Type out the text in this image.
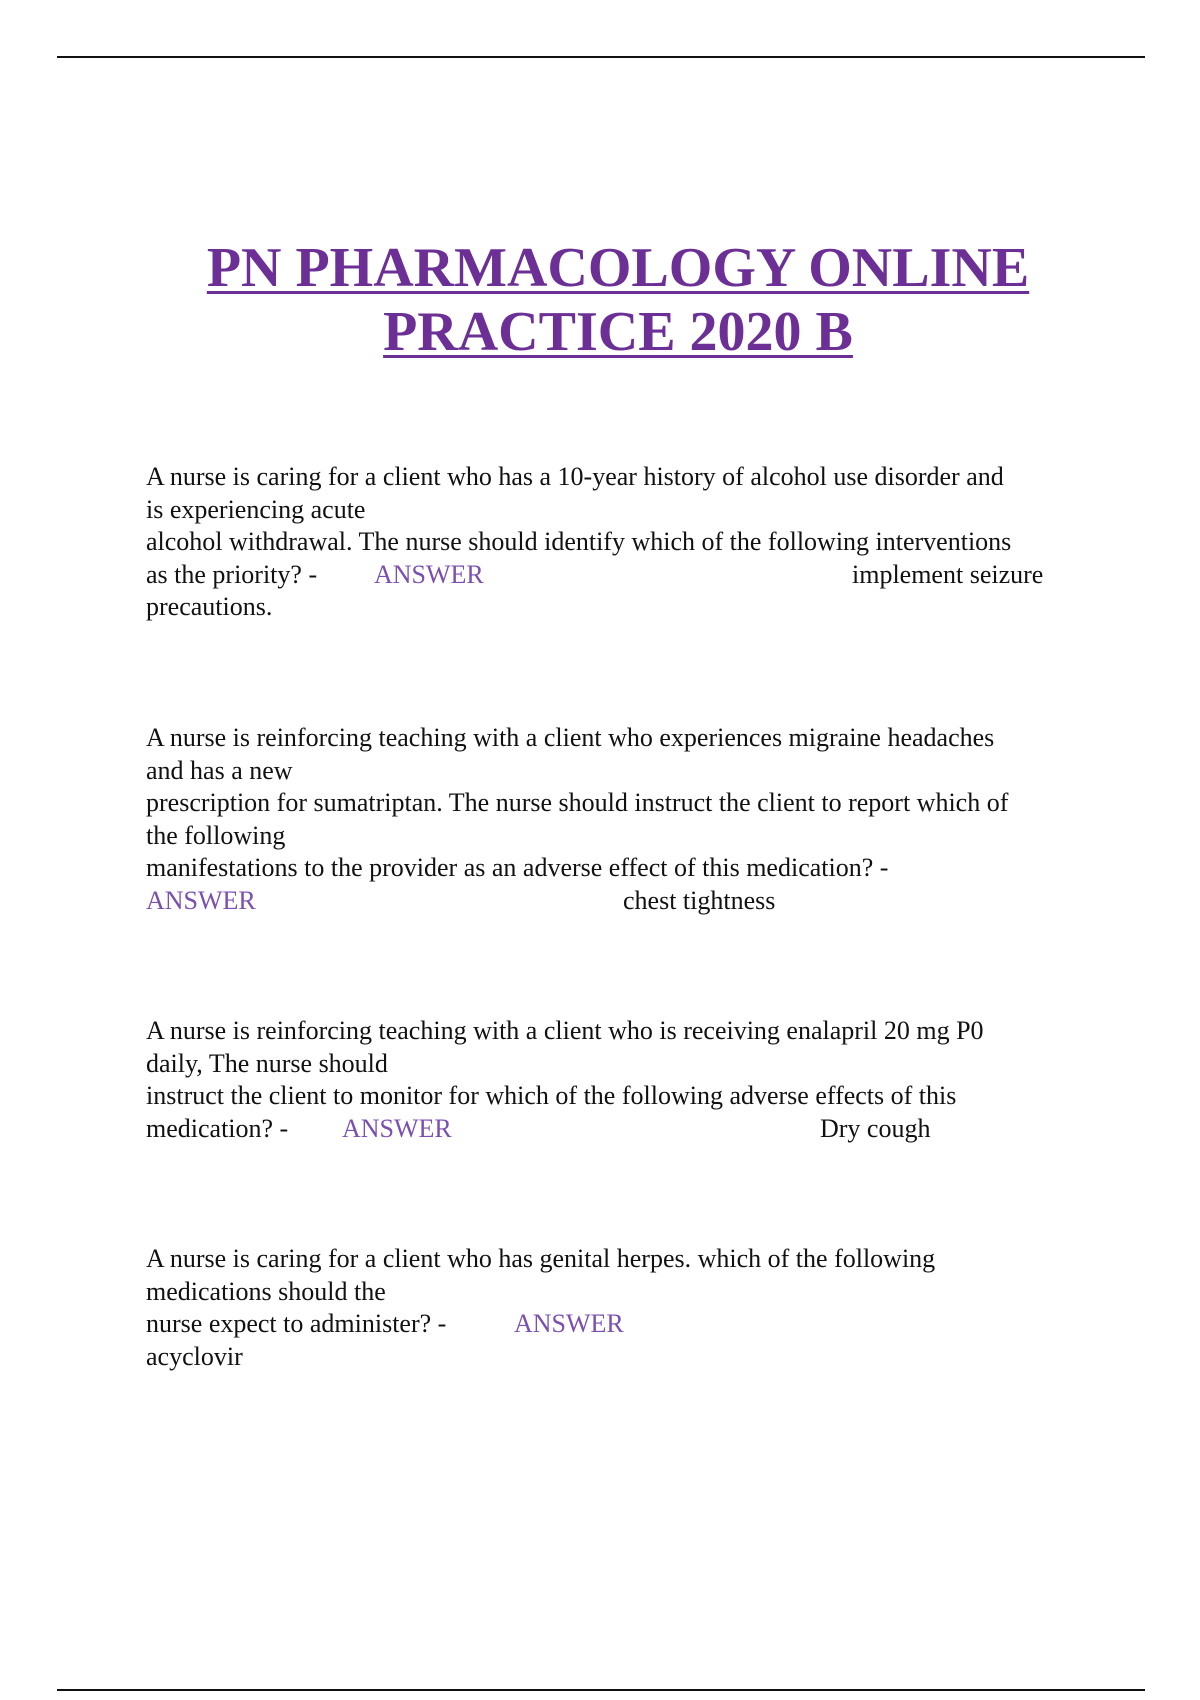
PN PHARMACOLOGY ONLINE
PRACTICE 2020 B
A nurse is caring for a client who has a 10-year history of alcohol use disorder and
is experiencing acute
alcohol withdrawal. The nurse should identify which of the following interventions
as the priority? - ANSWER	implement seizure
precautions.
A nurse is reinforcing teaching with a client who experiences migraine headaches
and has a new
prescription for sumatriptan. The nurse should instruct the client to report which of
the following
manifestations to the provider as an adverse effect of this medication? -
ANSWER	chest tightness
A nurse is reinforcing teaching with a client who is receiving enalapril 20 mg P0
daily, The nurse should
instruct the client to monitor for which of the following adverse effects of this
medication? - ANSWER	Dry cough
A nurse is caring for a client who has genital herpes. which of the following
medications should the
nurse expect to administer? -	ANSWER
acyclovir
